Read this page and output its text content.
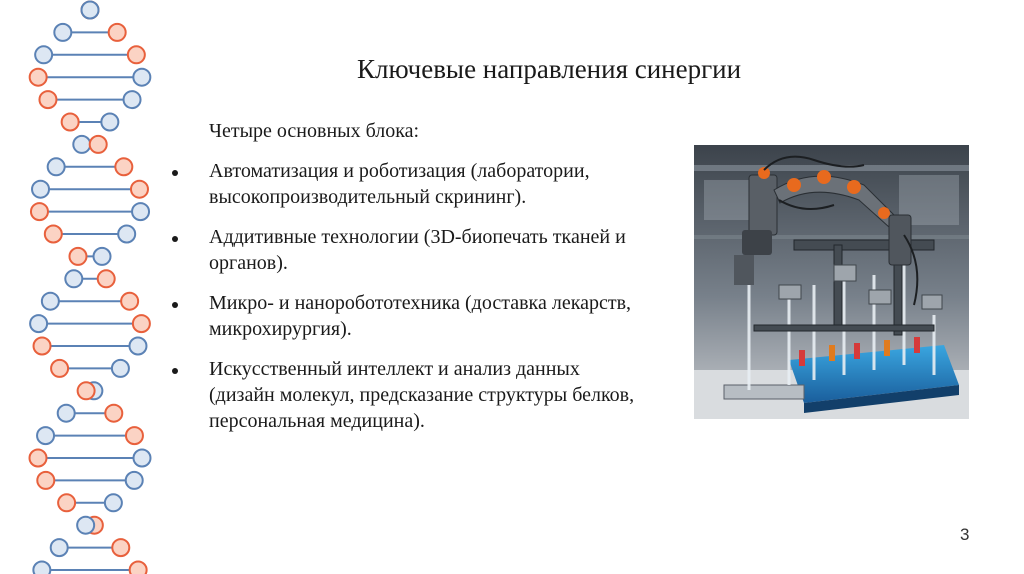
Ключевые направления синергии
Четыре основных блока:
Автоматизация и роботизация (лаборатории, высокопроизводительный скрининг).
Аддитивные технологии (3D-биопечать тканей и органов).
Микро- и наноробототехника (доставка лекарств, микрохирургия).
Искусственный интеллект и анализ данных (дизайн молекул, предсказание структуры белков, персональная медицина).
3
